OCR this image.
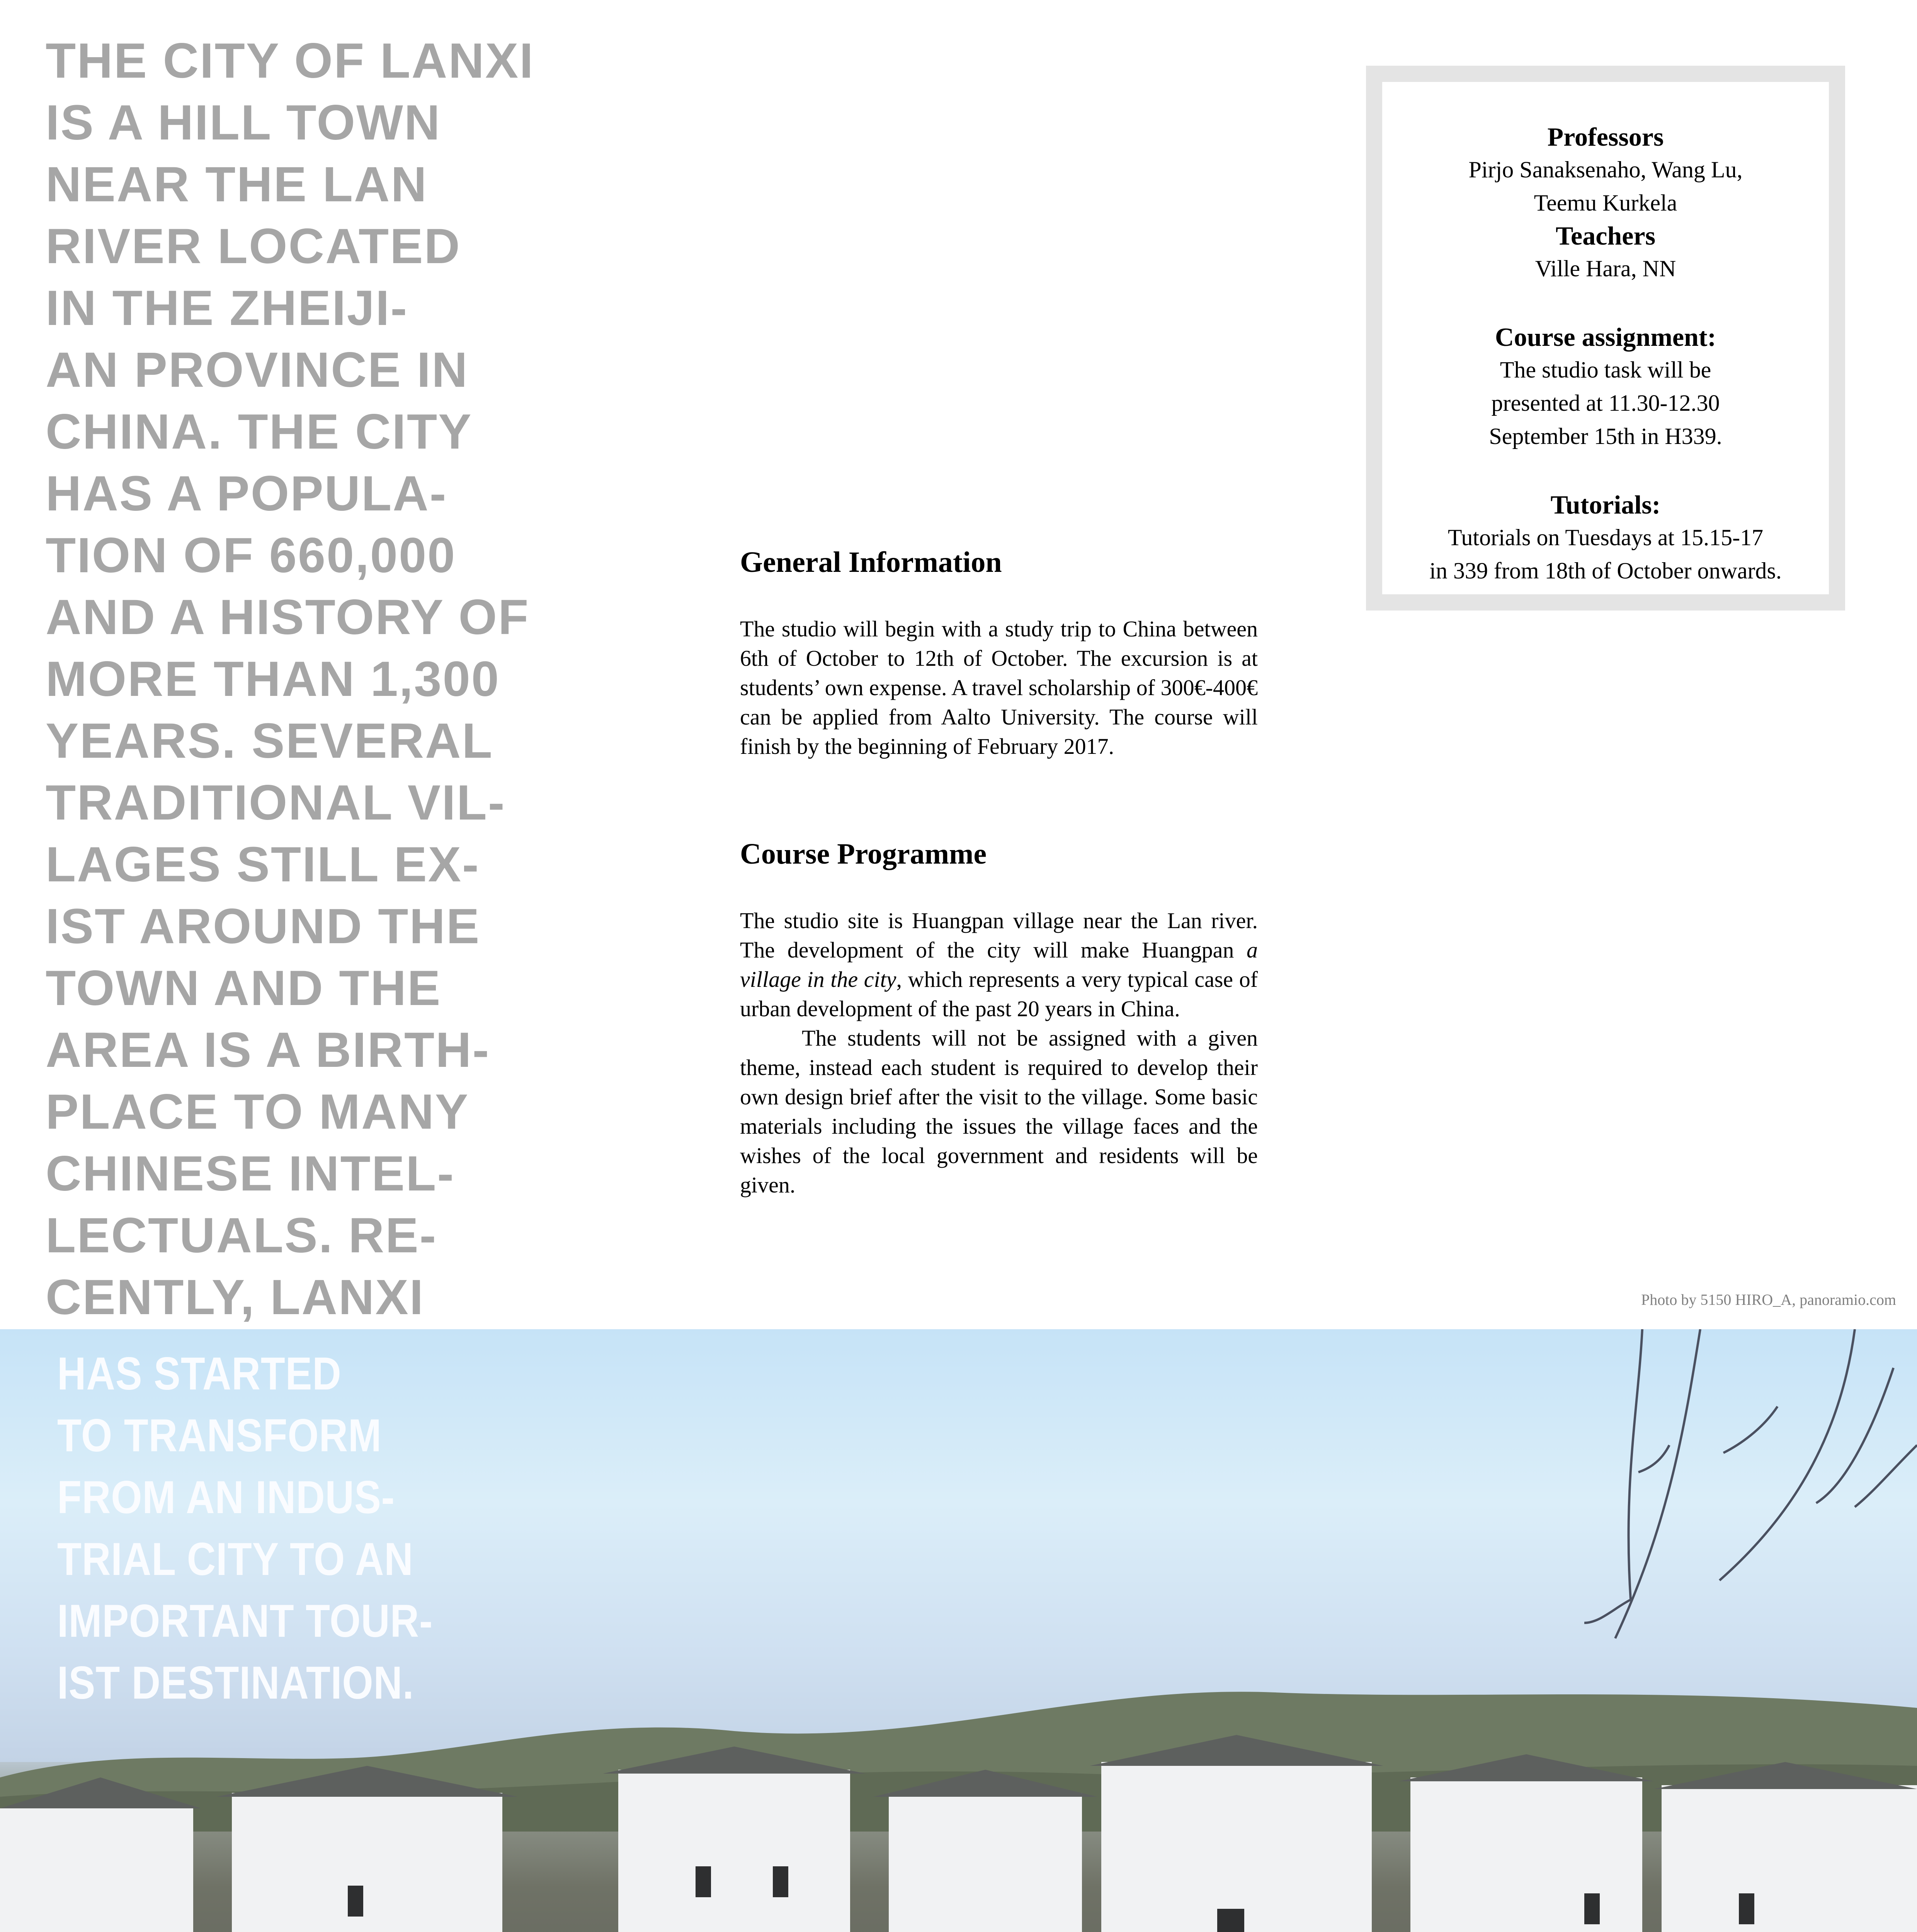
THE CITY OF LANXI
IS A HILL TOWN
NEAR THE LAN
RIVER LOCATED
IN THE ZHEIJI-
AN PROVINCE IN
CHINA. THE CITY
HAS A POPULA-
TION OF 660,000
AND A HISTORY OF
MORE THAN 1,300
YEARS. SEVERAL
TRADITIONAL VIL-
LAGES STILL EX-
IST AROUND THE
TOWN AND THE
AREA IS A BIRTH-
PLACE TO MANY
CHINESE INTEL-
LECTUALS. RE-
CENTLY, LANXI
Professors
Pirjo Sanaksenaho, Wang Lu,
Teemu Kurkela
Teachers
Ville Hara, NN
Course assignment:
The studio task will be
presented at 11.30-12.30
September 15th in H339.
Tutorials:
Tutorials on Tuesdays at 15.15-17
in 339 from 18th of October onwards.
General Information

The studio will begin with a study trip to China between 6th of October to 12th of October. The excursion is at students’ own expense. A travel scholarship of 300€-400€ can be applied from Aalto University. The course will finish by the beginning of February 2017.

Course Programme

The studio site is Huangpan village near the Lan river. The development of the city will make Huangpan a village in the city, which represents a very typical case of urban development of the past 20 years in China.

The students will not be assigned with a given theme, instead each student is required to develop their own design brief after the visit to the village. Some basic materials including the issues the village faces and the wishes of the local government and residents will be given.

Photo by 5150 HIRO_A, panoramio.com
HAS STARTED
TO TRANSFORM
FROM AN INDUS-
TRIAL CITY TO AN
IMPORTANT TOUR-
IST DESTINATION.
